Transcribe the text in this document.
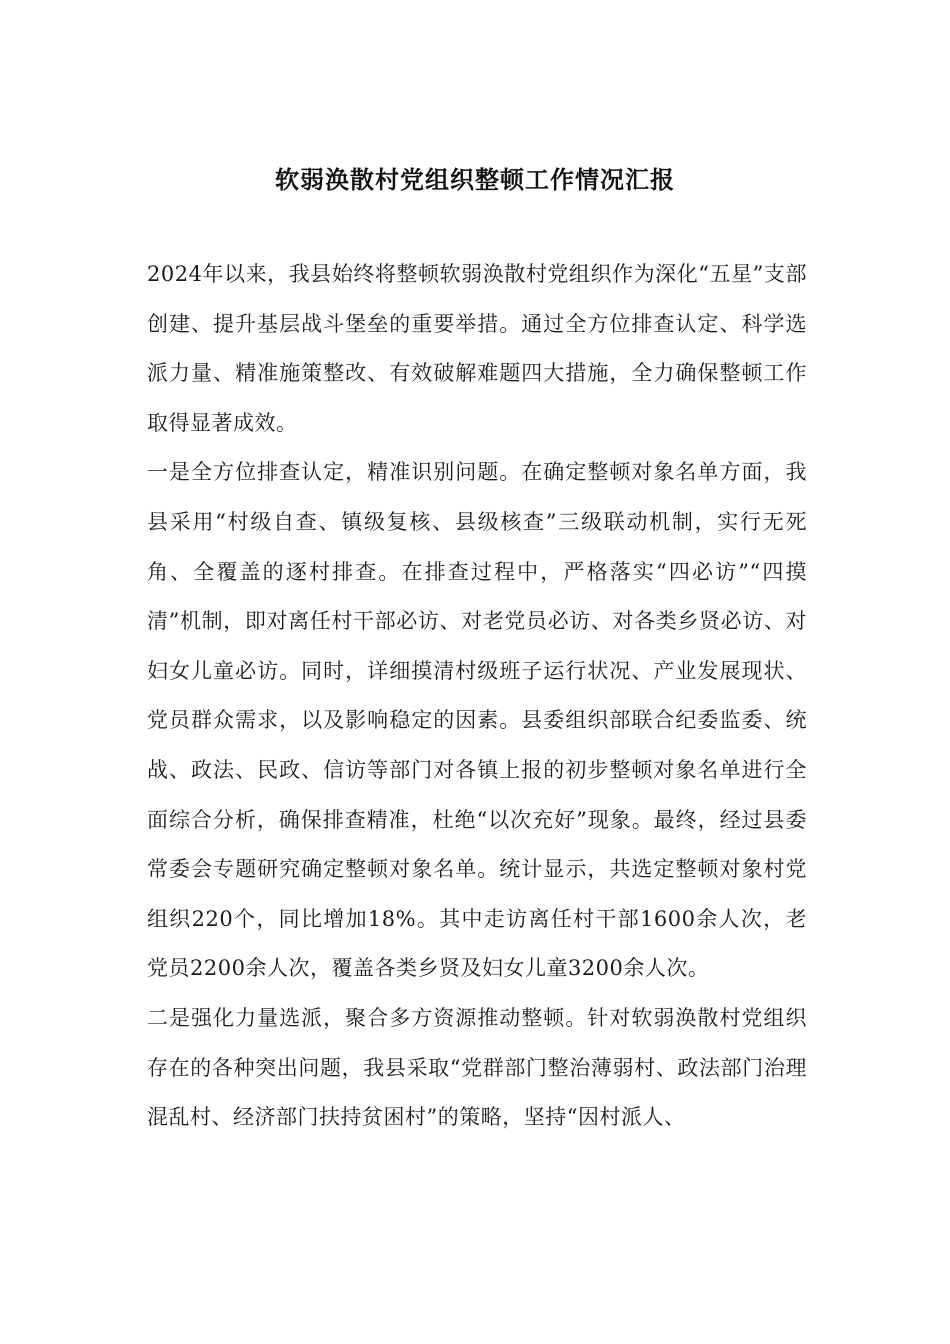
软弱涣散村党组织整顿工作情况汇报

2024年以来，我县始终将整顿软弱涣散村党组织作为深化“五星”支部创建、提升基层战斗堡垒的重要举措。通过全方位排查认定、科学选派力量、精准施策整改、有效破解难题四大措施，全力确保整顿工作取得显著成效。

一是全方位排查认定，精准识别问题。在确定整顿对象名单方面，我县采用“村级自查、镇级复核、县级核查”三级联动机制，实行无死角、全覆盖的逐村排查。在排查过程中，严格落实“四必访”“四摸清”机制，即对离任村干部必访、对老党员必访、对各类乡贤必访、对妇女儿童必访。同时，详细摸清村级班子运行状况、产业发展现状、党员群众需求，以及影响稳定的因素。县委组织部联合纪委监委、统战、政法、民政、信访等部门对各镇上报的初步整顿对象名单进行全面综合分析，确保排查精准，杜绝“以次充好”现象。最终，经过县委常委会专题研究确定整顿对象名单。统计显示，共选定整顿对象村党组织220个，同比增加18%。其中走访离任村干部1600余人次，老党员2200余人次，覆盖各类乡贤及妇女儿童3200余人次。

二是强化力量选派，聚合多方资源推动整顿。针对软弱涣散村党组织存在的各种突出问题，我县采取“党群部门整治薄弱村、政法部门治理混乱村、经济部门扶持贫困村”的策略，坚持“因村派人、
